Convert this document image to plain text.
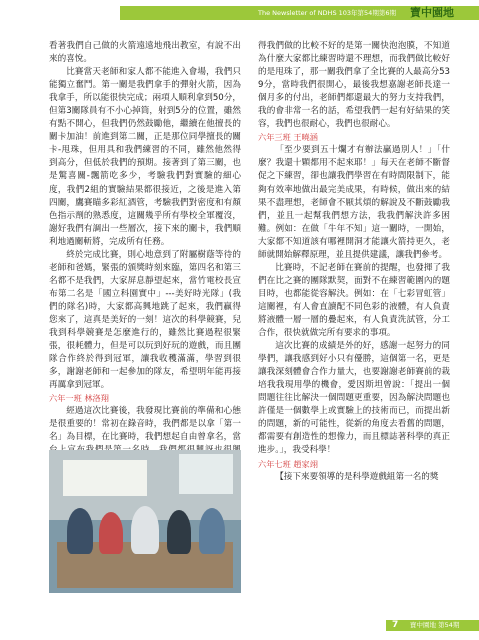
The Newsletter of NDHS 103年第54期第6期 寶中園地

看著我們自己做的火箭遠遠地飛出教室，有說不出來的喜悅。

比賽當天老師和家人都不能進入會場，我們只能獨立奮鬥。第一關是我們拿手的彈射火箭，因為我拿手，所以能很快完成；兩項人順利拿到50分，但第3關隊員有不小心掉筒，射到5分的位置，雖然有點不開心，但我們仍然鼓勵他，繼續在他擅長的關卡加油！前進到第二關，正是那位同學擅長的關卡-甩珠，但用具和我們練習的不同，雖然他然得到高分，但低於我們的預期。接著到了第三關，也是驚喜關-飄箭吃多少，考驗我們對實驗的細心度，我們2組的實驗結果都很接近，之後是進入第四關，鷹賽瞄多彩紅酒管，考驗我們對密度和有顏色指示劑的熟悉度，這關幾乎所有學校全軍覆沒，謝好我們有調出一些層次，接下來的關卡，我們順利地過關斬將，完成所有任務。

終於完成比賽，則心地意到了附屬樹蔭等待的老師和爸媽，緊張的頒獎時刻來臨，第四名和第三名都不是我們，大家屏息靜望起來，當竹電校長宣布第二名是「國立科園實中」---美好時光隊」(我們的隊名)時，大家都高興地跳了起來，我們贏得您來了，這真是美好的一刻！這次的科學競賽，兒我到科學競賽是怎麼進行的，雖然比賽過程很緊張，很耗體力，但是可以玩到好玩的遊戲，而且團隊合作終於得到冠軍，讓我收穫滿滿，學習到很多，謝謝老師和一起參加的隊友，希望明年能再接再厲拿到冠軍。

六年一班 林洛翔

經過這次比賽後，我發現比賽前的準備和心態是很重要的！常初在錄音時，我們都是以拿「第一名」為目標，在比賽時，我們想起自由曾拿名，當

得我們做的比較不好的是第一關快泡泡膜，不知道為什麼大家都比練習時還不理想，而我們做比較好的是甩珠了，那一關我們拿了全比賽的人最高分539分，當時我們很開心，最後我想嘉謝老師長達一個月多的付出，老師們都還最大的努力支持我們，我的會非常一名的話，希望我們一起有好結果的笑容，我們也很耐心，我們也很耐心。

六年三班 王曉涵

「至少要到五十爛才有辦法贏過別人！」「什麼？我還十顆都用不起來耶！」每天在老師不斷督促之下練習，卻也讓我們學習在有時間限制下，能夠有效率地做出最完美成果，有時候，做出來的結果不盡理想，老師會不厭其煩的解說及不斷鼓勵我們，並且一起幫我們想方法，我我們解決許多困難。例如：在做「牛年不知」這一關時，一開始，大家都不知道該有哪裡開洞才能讓火箭持更久，老師就開始解釋原理，並且提供建議，讓我們參考。

比賽時，不記老師在賽前的提醒，也發揮了我們在比之賽的團隊默契，面對不在練習範圍內的題目時，也都能從容解決。例如：在「七彩冒虹管」這關裡，有人會直讀配不同色彩的液體，有人負責將液體一層一層的疊起來，有人負責洗試管，分工合作，很快就做完所有要求的事項。

這次比賽的成績是外的好，感謝一起努力的同學們，讓我感到好小只有優勝，這個第一名，更是讓我深刻體會合作力量大，也要謝謝老師賽前的栽培我我現用學的機會，愛因斯坦曾說：「提出一個問題往往比解決一個問題更重要，因為解決問題也許僅是一個數學上或實驗上的技術而已，而提出新的問題，新的可能性，從新的角度去看舊的問題，都需要有創造性的想像力，而且標誌著科學的真正進步。」，我受科學！

六年七班 趙家翊

【接下來要領導的是科學遊戲組第一名的獎

7 寶中園地 第54期
